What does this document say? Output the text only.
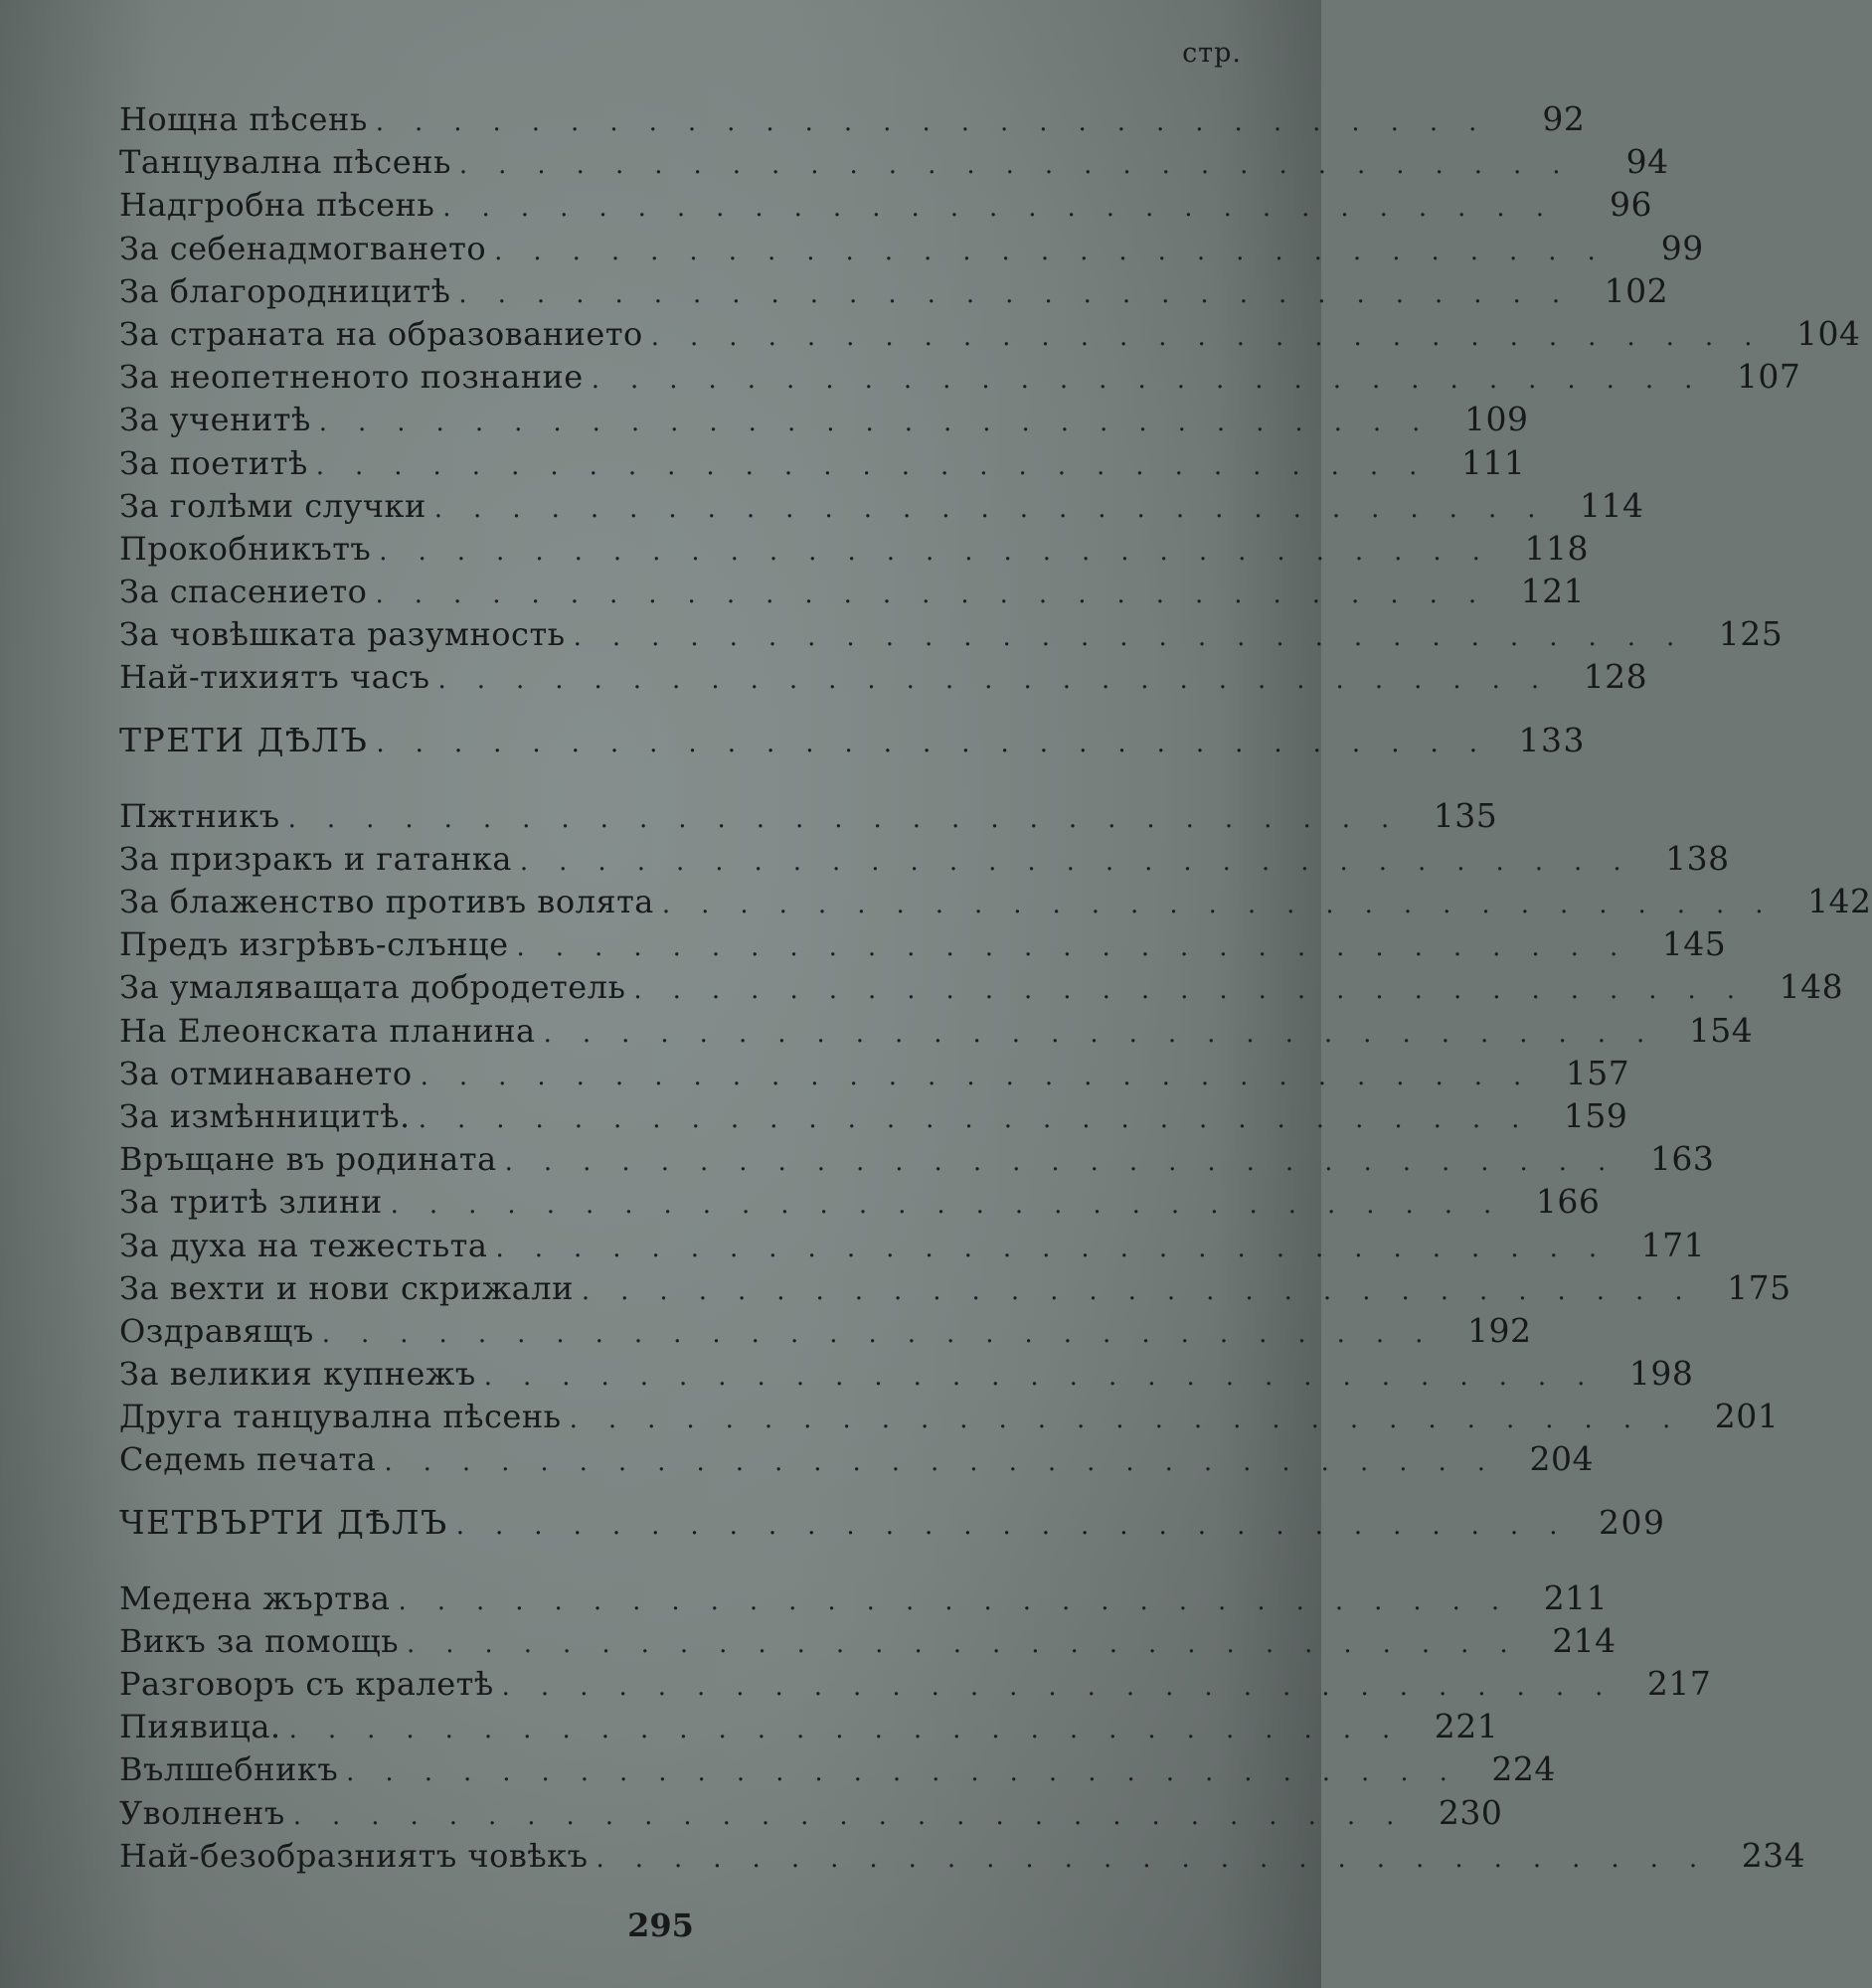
стр.
Нощна пѣсень .............................	92
Танцувална пѣсень .............................	94
Надгробна пѣсень .............................	96
За себенадмогването .............................	99
За благородницитѣ ............................. 102
За страната на образованието ............................. 104
За неопетненото познание ............................. 107
За ученитѣ ............................. 109
За поетитѣ ............................. 111
За голѣми случки ............................. 114
Прокобникътъ ............................. 118
За спасението ............................. 121
За човѣшката разумность ............................. 125
Най-тихиятъ часъ ............................. 128
ТРЕТИ ДѢЛЪ ............................. 133
Пжтникъ ............................. 135
За призракъ и гатанка ............................. 138
За блаженство противъ волята ............................. 142
Предъ изгрѣвъ-слънце ............................. 145
За умаляващата добродетель ............................. 148
На Елеонската планина ............................. 154
За отминаването ............................. 157
За измѣнницитѣ. ............................. 159
Връщане въ родината ............................. 163
За тритѣ злини ............................. 166
За духа на тежестьта ............................. 171
За вехти и нови скрижали ............................. 175
Оздравящъ ............................. 192
За великия купнежъ ............................. 198
Друга танцувална пѣсень ............................. 201
Седемь печата ............................. 204
ЧЕТВЪРТИ ДѢЛЪ ............................. 209
Медена жъртва ............................. 211
Викъ за помощь ............................. 214
Разговоръ съ кралетѣ ............................. 217
Пиявица. ............................. 221
Вълшебникъ ............................. 224
Уволненъ ............................. 230
Най-безобразниятъ човѣкъ ............................. 234
295
